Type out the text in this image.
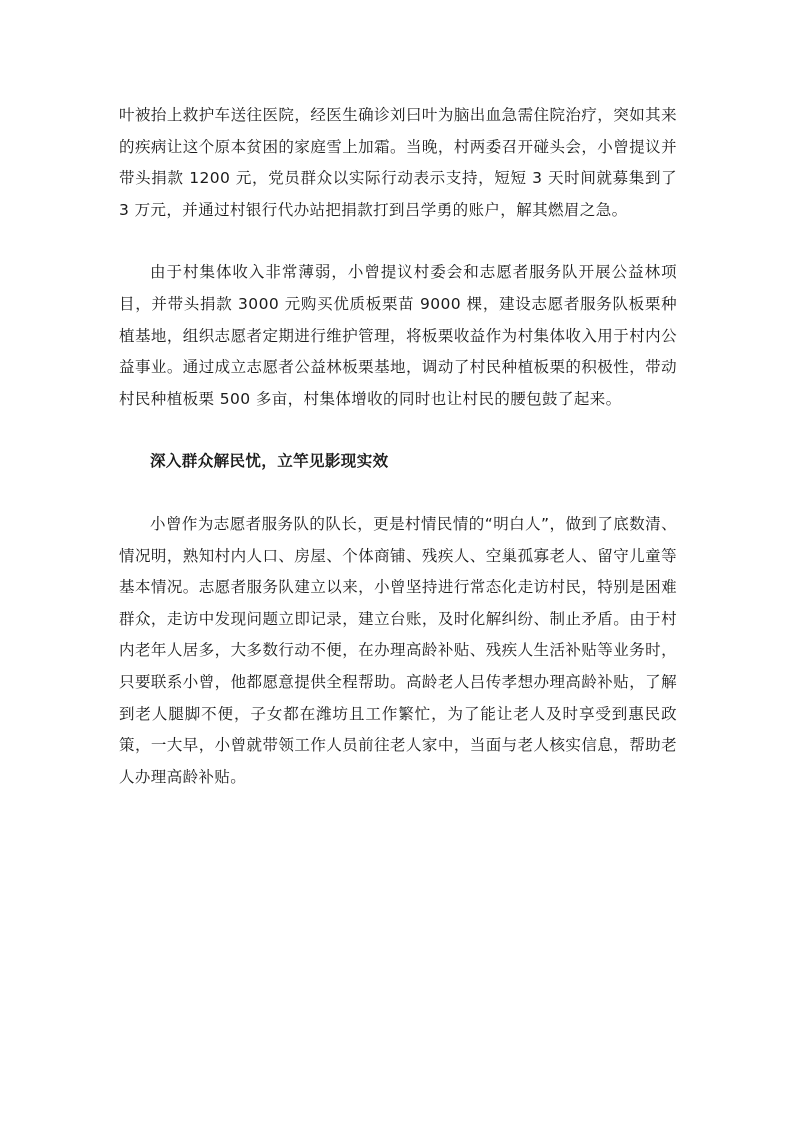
叶被抬上救护车送往医院，经医生确诊刘曰叶为脑出血急需住院治疗，突如其来的疾病让这个原本贫困的家庭雪上加霜。当晚，村两委召开碰头会，小曾提议并带头捐款 1200 元，党员群众以实际行动表示支持，短短 3 天时间就募集到了 3 万元，并通过村银行代办站把捐款打到吕学勇的账户，解其燃眉之急。

由于村集体收入非常薄弱，小曾提议村委会和志愿者服务队开展公益林项目，并带头捐款 3000 元购买优质板栗苗 9000 棵，建设志愿者服务队板栗种植基地，组织志愿者定期进行维护管理，将板栗收益作为村集体收入用于村内公益事业。通过成立志愿者公益林板栗基地，调动了村民种植板栗的积极性，带动村民种植板栗 500 多亩，村集体增收的同时也让村民的腰包鼓了起来。

深入群众解民忧，立竿见影现实效

小曾作为志愿者服务队的队长，更是村情民情的“明白人”，做到了底数清、情况明，熟知村内人口、房屋、个体商铺、残疾人、空巢孤寡老人、留守儿童等基本情况。志愿者服务队建立以来，小曾坚持进行常态化走访村民，特别是困难群众，走访中发现问题立即记录，建立台账，及时化解纠纷、制止矛盾。由于村内老年人居多，大多数行动不便，在办理高龄补贴、残疾人生活补贴等业务时，只要联系小曾，他都愿意提供全程帮助。高龄老人吕传孝想办理高龄补贴，了解到老人腿脚不便，子女都在潍坊且工作繁忙，为了能让老人及时享受到惠民政策，一大早，小曾就带领工作人员前往老人家中，当面与老人核实信息，帮助老人办理高龄补贴。
